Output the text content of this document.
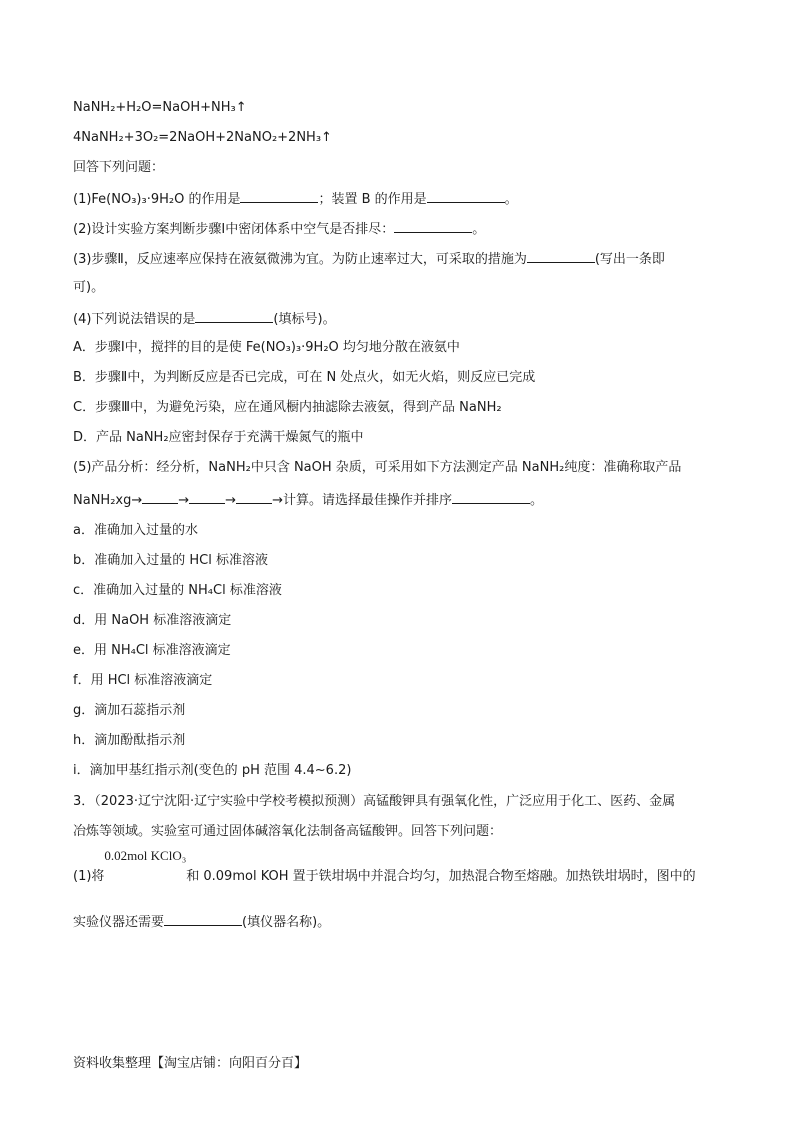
NaNH₂+H₂O=NaOH+NH₃↑
4NaNH₂+3O₂=2NaOH+2NaNO₂+2NH₃↑
回答下列问题：
(1)Fe(NO₃)₃·9H₂O 的作用是	；装置 B 的作用是	。
(2)设计实验方案判断步骤Ⅰ中密闭体系中空气是否排尽：	。
(3)步骤Ⅱ，反应速率应保持在液氨微沸为宜。为防止速率过大，可采取的措施为	(写出一条即
可)。
(4)下列说法错误的是	(填标号)。
A．步骤Ⅰ中，搅拌的目的是使 Fe(NO₃)₃·9H₂O 均匀地分散在液氨中
B．步骤Ⅱ中，为判断反应是否已完成，可在 N 处点火，如无火焰，则反应已完成
C．步骤Ⅲ中，为避免污染，应在通风橱内抽滤除去液氨，得到产品 NaNH₂
D．产品 NaNH₂应密封保存于充满干燥氮气的瓶中
(5)产品分析：经分析，NaNH₂中只含 NaOH 杂质，可采用如下方法测定产品 NaNH₂纯度：准确称取产品
NaNH₂xg→	→	→	→计算。请选择最佳操作并排序	。
a．准确加入过量的水
b．准确加入过量的 HCl 标准溶液
c．准确加入过量的 NH₄Cl 标准溶液
d．用 NaOH 标准溶液滴定
e．用 NH₄Cl 标准溶液滴定
f．用 HCl 标准溶液滴定
g．滴加石蕊指示剂
h．滴加酚酞指示剂
i．滴加甲基红指示剂(变色的 pH 范围 4.4~6.2)
3．（2023·辽宁沈阳·辽宁实验中学校考模拟预测）高锰酸钾具有强氧化性，广泛应用于化工、医药、金属
冶炼等领域。实验室可通过固体碱溶氧化法制备高锰酸钾。回答下列问题：
(1)将0.02mol KClO₃和 0.09mol KOH 置于铁坩埚中并混合均匀，加热混合物至熔融。加热铁坩埚时，图中的
实验仪器还需要	(填仪器名称)。
资料收集整理【淘宝店铺：向阳百分百】
